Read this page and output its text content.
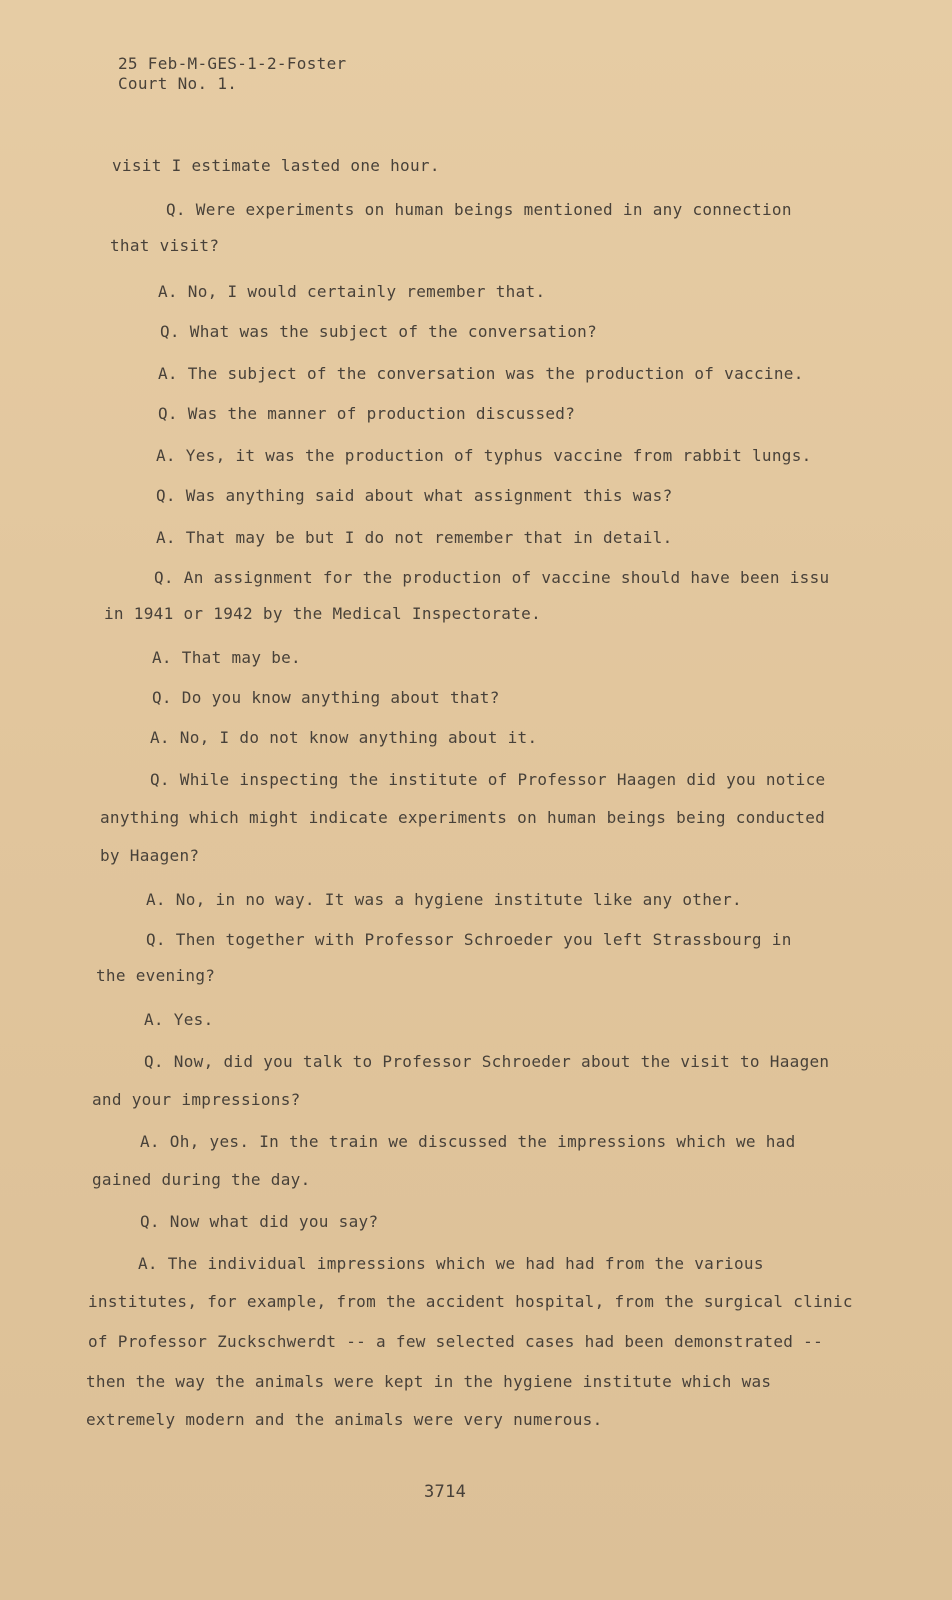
25 Feb-M-GES-1-2-Foster
Court No. 1.
visit I estimate lasted one hour.
Q. Were experiments on human beings mentioned in any connection
that visit?
A. No, I would certainly remember that.
Q. What was the subject of the conversation?
A. The subject of the conversation was the production of vaccine.
Q. Was the manner of production discussed?
A. Yes, it was the production of typhus vaccine from rabbit lungs.
Q. Was anything said about what assignment this was?
A. That may be but I do not remember that in detail.
Q. An assignment for the production of vaccine should have been issu
in 1941 or 1942 by the Medical Inspectorate.
A. That may be.
Q. Do you know anything about that?
A. No, I do not know anything about it.
Q. While inspecting the institute of Professor Haagen did you notice
anything which might indicate experiments on human beings being conducted
by Haagen?
A. No, in no way. It was a hygiene institute like any other.
Q. Then together with Professor Schroeder you left Strassbourg in
the evening?
A. Yes.
Q. Now, did you talk to Professor Schroeder about the visit to Haagen
and your impressions?
A. Oh, yes. In the train we discussed the impressions which we had
gained during the day.
Q. Now what did you say?
A. The individual impressions which we had had from the various
institutes, for example, from the accident hospital, from the surgical clinic
of Professor Zuckschwerdt -- a few selected cases had been demonstrated --
then the way the animals were kept in the hygiene institute which was
extremely modern and the animals were very numerous.
3714
